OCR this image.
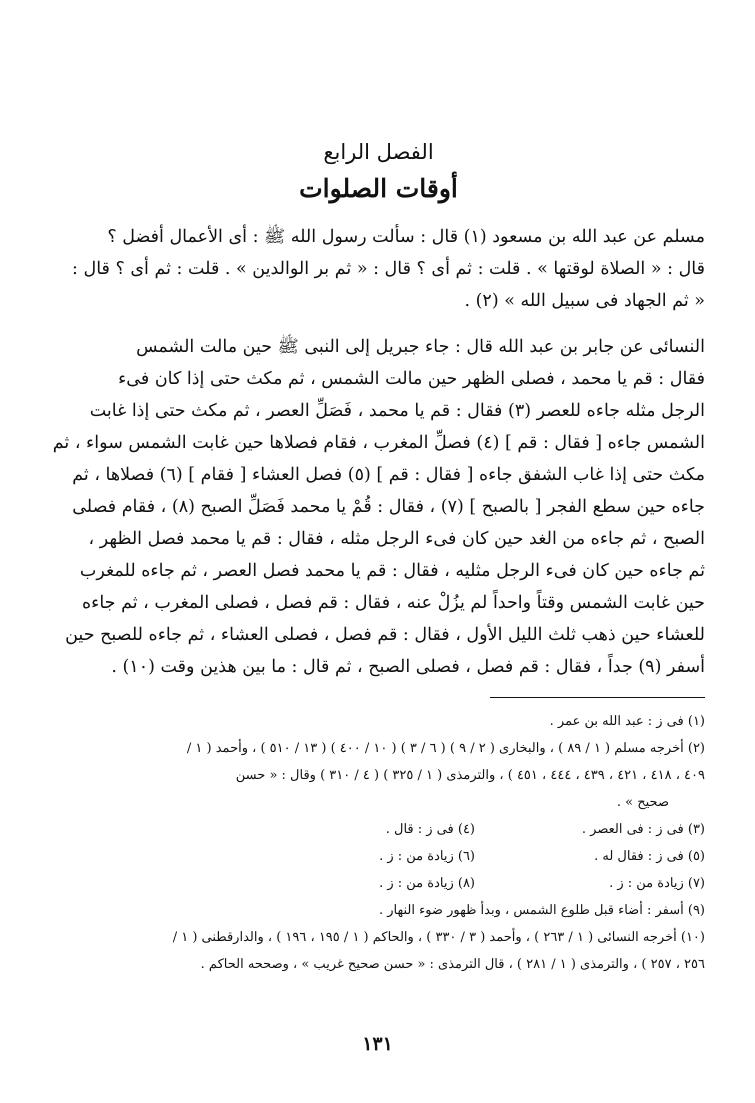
الفصل الرابع
أوقات الصلوات
مسلم عن عبد الله بن مسعود (١) قال : سألت رسول الله ﷺ : أى الأعمال أفضل ؟
قال : « الصلاة لوقتها » . قلت : ثم أى ؟ قال : « ثم بر الوالدين » . قلت : ثم أى ؟ قال :
« ثم الجهاد فى سبيل الله » (٢) .
النسائى عن جابر بن عبد الله قال : جاء جبريل إلى النبى ﷺ حين مالت الشمس
فقال : قم يا محمد ، فصلى الظهر حين مالت الشمس ، ثم مكث حتى إذا كان فىء
الرجل مثله جاءه للعصر (٣) فقال : قم يا محمد ، فَصَلِّ العصر ، ثم مكث حتى إذا غابت
الشمس جاءه [ فقال : قم ] (٤) فصلِّ المغرب ، فقام فصلاها حين غابت الشمس سواء ، ثم
مكث حتى إذا غاب الشفق جاءه [ فقال : قم ] (٥) فصل العشاء [ فقام ] (٦) فصلاها ، ثم
جاءه حين سطع الفجر [ بالصبح ] (٧) ، فقال : قُمْ يا محمد فَصَلِّ الصبح (٨) ، فقام فصلى
الصبح ، ثم جاءه من الغد حين كان فىء الرجل مثله ، فقال : قم يا محمد فصل الظهر ،
ثم جاءه حين كان فىء الرجل مثليه ، فقال : قم يا محمد فصل العصر ، ثم جاءه للمغرب
حين غابت الشمس وقتاً واحداً لم يزُلْ عنه ، فقال : قم فصل ، فصلى المغرب ، ثم جاءه
للعشاء حين ذهب ثلث الليل الأول ، فقال : قم فصل ، فصلى العشاء ، ثم جاءه للصبح حين
أسفر (٩) جداً ، فقال : قم فصل ، فصلى الصبح ، ثم قال : ما بين هذين وقت (١٠) .
(١) فى ز : عبد الله بن عمر .
(٢) أخرجه مسلم ( ١ / ٨٩ ) ، والبخارى ( ٢ / ٩ ) ( ٦ / ٣ ) ( ١٠ / ٤٠٠ ) ( ١٣ / ٥١٠ ) ، وأحمد ( ١ /
٤٠٩ ، ٤١٨ ، ٤٢١ ، ٤٣٩ ، ٤٤٤ ، ٤٥١ ) ، والترمذى ( ١ / ٣٢٥ ) ( ٤ / ٣١٠ ) وقال : « حسن
صحيح » .
(٣) فى ز : فى العصر .
(٤) فى ز : قال .
(٥) فى ز : فقال له .
(٦) زيادة من : ز .
(٧) زيادة من : ز .
(٨) زيادة من : ز .
(٩) أسفر : أضاء قبل طلوع الشمس ، وبدأ ظهور ضوء النهار .
(١٠) أخرجه النسائى ( ١ / ٢٦٣ ) ، وأحمد ( ٣ / ٣٣٠ ) ، والحاكم ( ١ / ١٩٥ ، ١٩٦ ) ، والدارقطنى ( ١ /
٢٥٦ ، ٢٥٧ ) ، والترمذى ( ١ / ٢٨١ ) ، قال الترمذى : « حسن صحيح غريب » ، وصححه الحاكم .
١٣١
